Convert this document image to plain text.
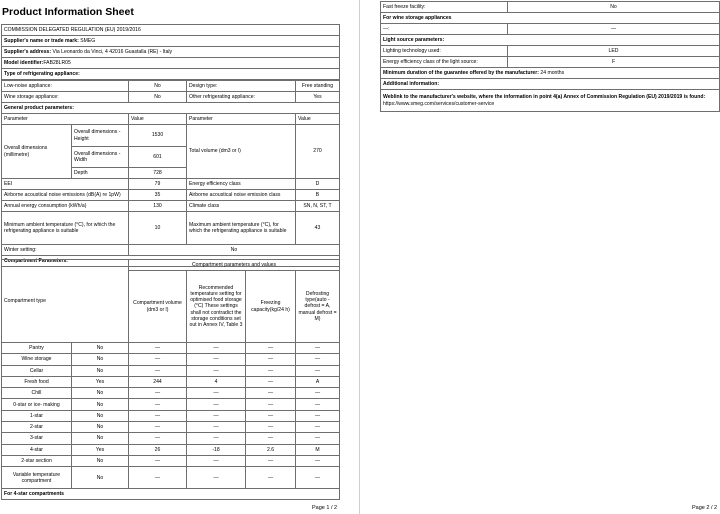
Product Information Sheet
COMMISSION DELEGATED REGULATION (EU) 2019/2016
Supplier's name or trade mark: SMEG
Supplier's address: Via Leonardo da Vinci, 4 42016 Guastalla (RE) - Italy
Model identifier:FAB28LR05
Type of refrigerating appliance:
Low-noise appliance:	No	Design type:	Free standing
Wine storage appliance:	No	Other refrigerating appliance:	Yes
General product parameters:				
Parameter		Value	Parameter	Value
Overall dimensions (millimetre)	Overall dimensions - Height	1530	Total volume (dm3 or l)	270
	Overall dimensions - Width	601		
	Depth	728		
EEI		79	Energy efficiency class	D
Airborne acoustical noise emissions (dB(A) re 1pW)		35	Airborne acoustical noise emission class	B
Annual energy consumption (kWh/a)		130	Climate class	SN, N, ST, T
Minimum ambient temperature (°C), for which the refrigerating appliance is suitable		10	Maximum ambient temperature (°C), for which the refrigerating appliance is suitable	43
Winter setting:		No		
Compartment Parameters:				
Compartment type		Compartment parameters and values			
		Compartment volume (dm3 or l)	Recommended temperature setting for optimised food storage (°C) These settings shall not contradict the storage conditions set out in Annex IV, Table 3	Freezing capacity(kg/24 h)	Defrosting type(auto - defrost = A, manual defrost = M)
Pantry	No	—	—	—	—
Wine storage	No	—	—	—	—
Cellar	No	—	—	—	—
Fresh food	Yes	244	4	—	A
Chill	No	—	—	—	—
0-star or ice- making	No	—	—	—	—
1-star	No	—	—	—	—
2-star	No	—	—	—	—
3-star	No	—	—	—	—
4-star	Yes	26	-18	2.6	M
2-star section	No	—	—	—	—
Variable temperature compartment	No	—	—	—	—
For 4-star compartments					
Page 1 / 2
Fast freeze facility:	No
For wine storage appliances	
—:	—
Light source parameters:	
Lighting technology used:	LED
Energy efficiency class of the light source:	F
Minimum duration of the guarantee offered by the manufacturer: 24 months	
Additional information:	
Weblink to the manufacturer's website, where the information in point 4(a) Annex of Commission Regulation (EU) 2019/2019 is found:
https://www.smeg.com/services/customer-service	
Page 2 / 2
